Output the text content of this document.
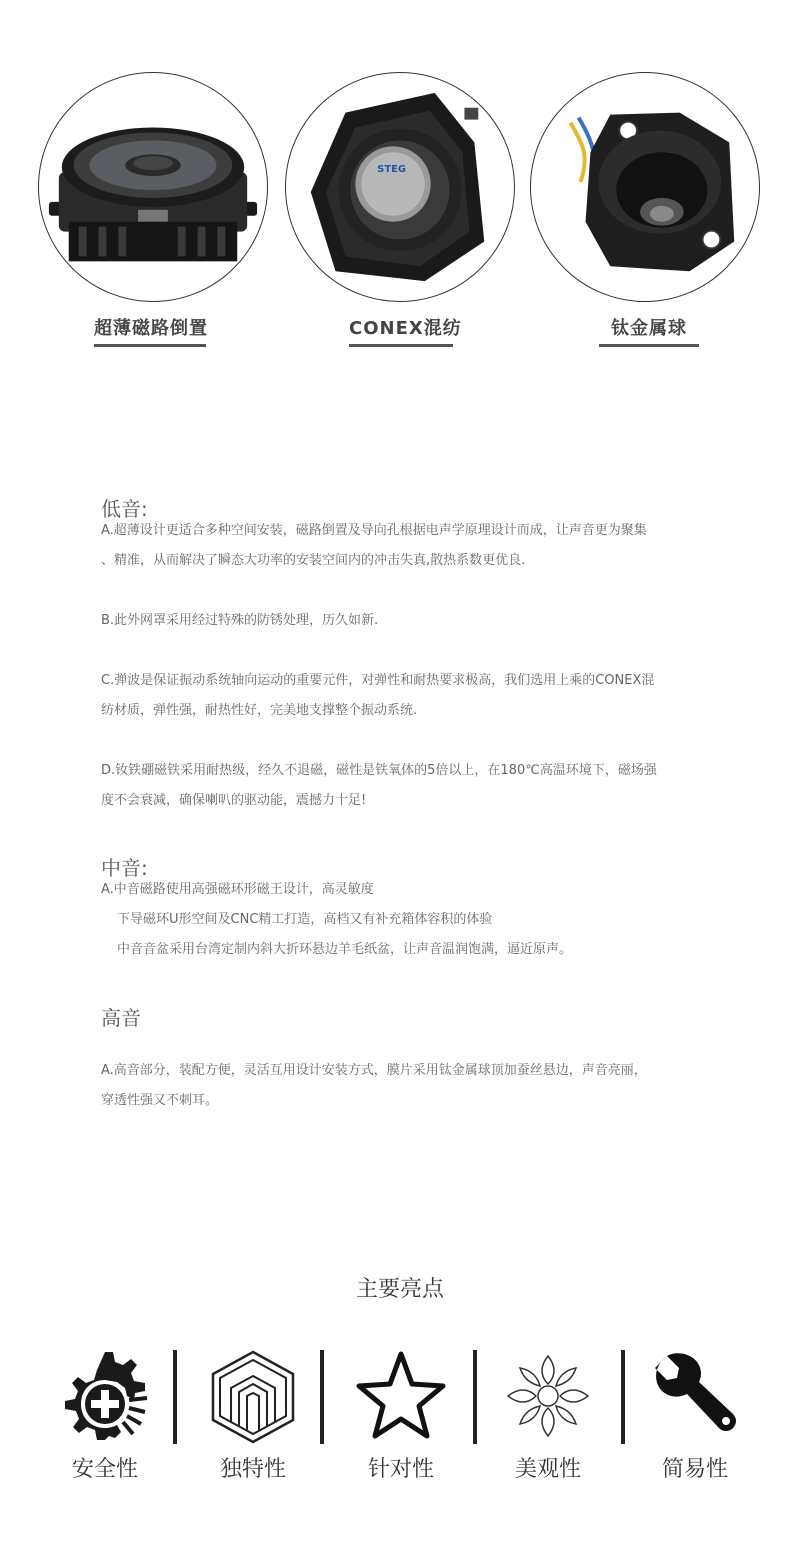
超薄磁路倒置
STEG
CONEX混纺	钛金属球
低音:
A.超薄设计更适合多种空间安装，磁路倒置及导向孔根据电声学原理设计而成，让声音更为聚集
、精准，从而解决了瞬态大功率的安装空间内的冲击失真,散热系数更优良.
B.此外网罩采用经过特殊的防锈处理，历久如新.
C.弹波是保证振动系统轴向运动的重要元件，对弹性和耐热要求极高，我们选用上乘的CONEX混
纺材质，弹性强，耐热性好，完美地支撑整个振动系统.
D.钕铁硼磁铁采用耐热级，经久不退磁，磁性是铁氧体的5倍以上，在180℃高温环境下，磁场强
度不会衰减，确保喇叭的驱动能，震撼力十足!
中音:
A.中音磁路使用高强磁环形磁王设计，高灵敏度
下导磁环U形空间及CNC精工打造，高档又有补充箱体容积的体验
中音音盆采用台湾定制内斜大折环悬边羊毛纸盆，让声音温润饱满，逼近原声。
高音
A.高音部分，装配方便，灵活互用设计安装方式，膜片采用钛金属球顶加蚕丝悬边，声音亮丽，
穿透性强又不刺耳。
主要亮点
安全性	独特性	针对性	美观性	简易性
